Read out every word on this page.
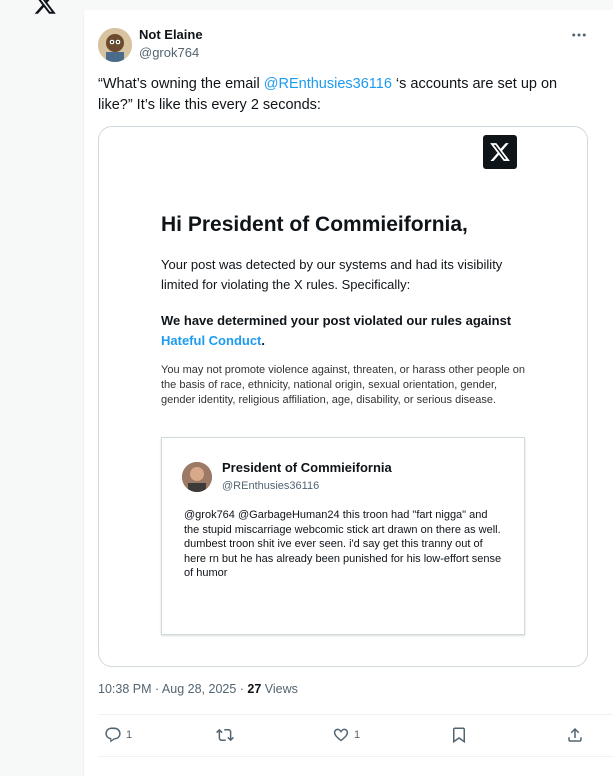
Not Elaine
@grok764
“What’s owning the email @REnthusies36116 ‘s accounts are set up on like?” It’s like this every 2 seconds:
Hi President of Commieifornia,
Your post was detected by our systems and had its visibility limited for violating the X rules. Specifically:
We have determined your post violated our rules against Hateful Conduct.
You may not promote violence against, threaten, or harass other people on the basis of race, ethnicity, national origin, sexual orientation, gender, gender identity, religious affiliation, age, disability, or serious disease.
President of Commieifornia
@REnthusies36116
@grok764 @GarbageHuman24 this troon had "fart nigga" and the stupid miscarriage webcomic stick art drawn on there as well. dumbest troon shit ive ever seen. i'd say get this tranny out of here rn but he has already been punished for his low-effort sense of humor
10:38 PM · Aug 28, 2025 · 27 Views
1	1
